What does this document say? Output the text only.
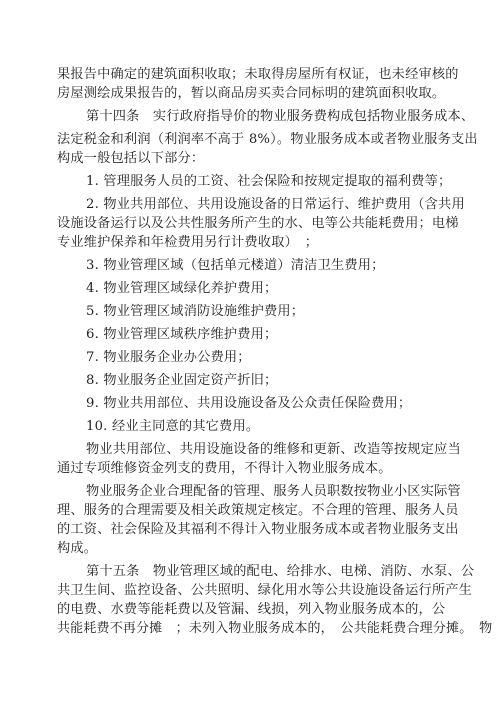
果报告中确定的建筑面积收取；未取得房屋所有权证，也未经审核的
房屋测绘成果报告的，暂以商品房买卖合同标明的建筑面积收取。
第十四条　实行政府指导价的物业服务费构成包括物业服务成本、
法定税金和利润（利润率不高于 8%）。物业服务成本或者物业服务支出
构成一般包括以下部分：
1. 管理服务人员的工资、社会保险和按规定提取的福利费等；
2. 物业共用部位、共用设施设备的日常运行、维护费用（含共用
设施设备运行以及公共性服务所产生的水、电等公共能耗费用；电梯
专业维护保养和年检费用另行计费收取）　；
3. 物业管理区域（包括单元楼道）清洁卫生费用；
4. 物业管理区域绿化养护费用；
5. 物业管理区域消防设施维护费用；
6. 物业管理区域秩序维护费用；
7. 物业服务企业办公费用；
8. 物业服务企业固定资产折旧；
9. 物业共用部位、共用设施设备及公众责任保险费用；
10. 经业主同意的其它费用。
物业共用部位、共用设施设备的维修和更新、改造等按规定应当
通过专项维修资金列支的费用，不得计入物业服务成本。
物业服务企业合理配备的管理、服务人员职数按物业小区实际管
理、服务的合理需要及相关政策规定核定。不合理的管理、服务人员
的工资、社会保险及其福利不得计入物业服务成本或者物业服务支出
构成。
第十五条　物业管理区域的配电、给排水、电梯、消防、水泵、公
共卫生间、监控设备、公共照明、绿化用水等公共设施设备运行所产生
的电费、水费等能耗费以及管漏、线损，列入物业服务成本的，公
共能耗费不再分摊　；未列入物业服务成本的，　公共能耗费合理分摊。　物
